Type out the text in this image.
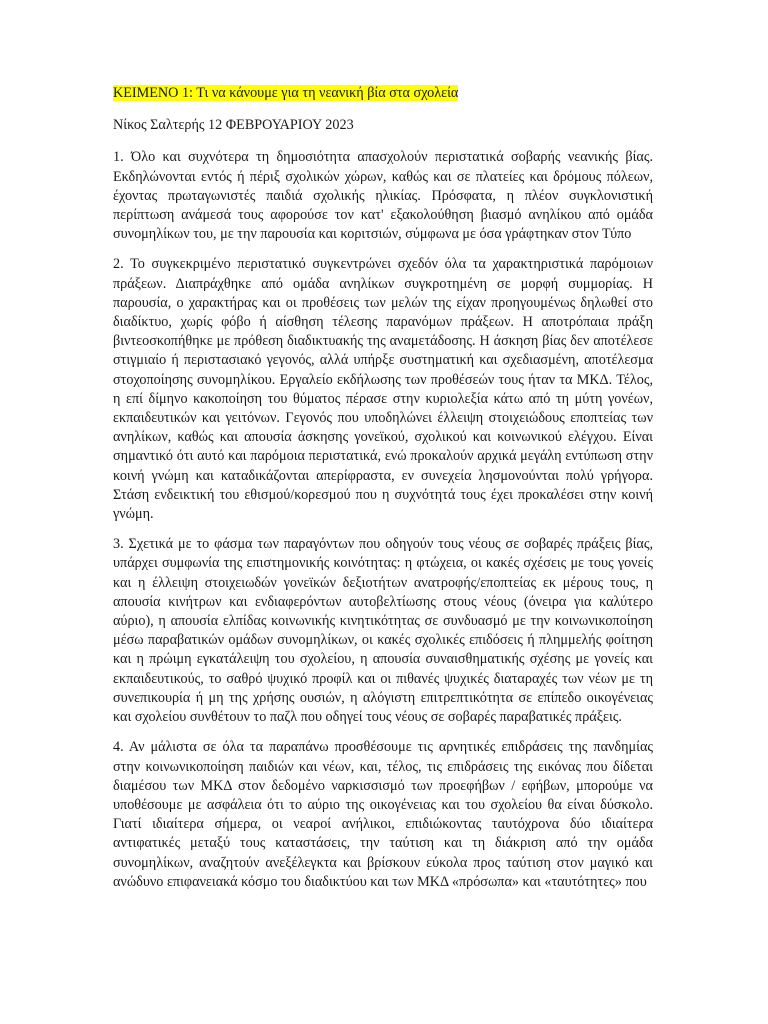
ΚΕΙΜΕΝΟ 1: Τι να κάνουμε για τη νεανική βία στα σχολεία

Νίκος Σαλτερής 12 ΦΕΒΡΟΥΑΡΙΟΥ 2023

1. Όλο και συχνότερα τη δημοσιότητα απασχολούν περιστατικά σοβαρής νεανικής βίας. Εκδηλώνονται εντός ή πέριξ σχολικών χώρων, καθώς και σε πλατείες και δρόμους πόλεων, έχοντας πρωταγωνιστές παιδιά σχολικής ηλικίας. Πρόσφατα, η πλέον συγκλονιστική περίπτωση ανάμεσά τους αφορούσε τον κατ' εξακολούθηση βιασμό ανηλίκου από ομάδα συνομηλίκων του, με την παρουσία και κοριτσιών, σύμφωνα με όσα γράφτηκαν στον Τύπο

2. Το συγκεκριμένο περιστατικό συγκεντρώνει σχεδόν όλα τα χαρακτηριστικά παρόμοιων πράξεων. Διαπράχθηκε από ομάδα ανηλίκων συγκροτημένη σε μορφή συμμορίας. Η παρουσία, ο χαρακτήρας και οι προθέσεις των μελών της είχαν προηγουμένως δηλωθεί στο διαδίκτυο, χωρίς φόβο ή αίσθηση τέλεσης παρανόμων πράξεων. Η αποτρόπαια πράξη βιντεοσκοπήθηκε με πρόθεση διαδικτυακής της αναμετάδοσης. Η άσκηση βίας δεν αποτέλεσε στιγμιαίο ή περιστασιακό γεγονός, αλλά υπήρξε συστηματική και σχεδιασμένη, αποτέλεσμα στοχοποίησης συνομηλίκου. Εργαλείο εκδήλωσης των προθέσεών τους ήταν τα ΜΚΔ. Τέλος, η επί δίμηνο κακοποίηση του θύματος πέρασε στην κυριολεξία κάτω από τη μύτη γονέων, εκπαιδευτικών και γειτόνων. Γεγονός που υποδηλώνει έλλειψη στοιχειώδους εποπτείας των ανηλίκων, καθώς και απουσία άσκησης γονεϊκού, σχολικού και κοινωνικού ελέγχου. Είναι σημαντικό ότι αυτό και παρόμοια περιστατικά, ενώ προκαλούν αρχικά μεγάλη εντύπωση στην κοινή γνώμη και καταδικάζονται απερίφραστα, εν συνεχεία λησμονούνται πολύ γρήγορα. Στάση ενδεικτική του εθισμού/κορεσμού που η συχνότητά τους έχει προκαλέσει στην κοινή γνώμη.

3. Σχετικά με το φάσμα των παραγόντων που οδηγούν τους νέους σε σοβαρές πράξεις βίας, υπάρχει συμφωνία της επιστημονικής κοινότητας: η φτώχεια, οι κακές σχέσεις με τους γονείς και η έλλειψη στοιχειωδών γονεϊκών δεξιοτήτων ανατροφής/εποπτείας εκ μέρους τους, η απουσία κινήτρων και ενδιαφερόντων αυτοβελτίωσης στους νέους (όνειρα για καλύτερο αύριο), η απουσία ελπίδας κοινωνικής κινητικότητας σε συνδυασμό με την κοινωνικοποίηση μέσω παραβατικών ομάδων συνομηλίκων, οι κακές σχολικές επιδόσεις ή πλημμελής φοίτηση και η πρώιμη εγκατάλειψη του σχολείου, η απουσία συναισθηματικής σχέσης με γονείς και εκπαιδευτικούς, το σαθρό ψυχικό προφίλ και οι πιθανές ψυχικές διαταραχές των νέων με τη συνεπικουρία ή μη της χρήσης ουσιών, η αλόγιστη επιτρεπτικότητα σε επίπεδο οικογένειας και σχολείου συνθέτουν το παζλ που οδηγεί τους νέους σε σοβαρές παραβατικές πράξεις.

4. Αν μάλιστα σε όλα τα παραπάνω προσθέσουμε τις αρνητικές επιδράσεις της πανδημίας στην κοινωνικοποίηση παιδιών και νέων, και, τέλος, τις επιδράσεις της εικόνας που δίδεται διαμέσου των ΜΚΔ στον δεδομένο ναρκισσισμό των προεφήβων / εφήβων, μπορούμε να υποθέσουμε με ασφάλεια ότι το αύριο της οικογένειας και του σχολείου θα είναι δύσκολο. Γιατί ιδιαίτερα σήμερα, οι νεαροί ανήλικοι, επιδιώκοντας ταυτόχρονα δύο ιδιαίτερα αντιφατικές μεταξύ τους καταστάσεις, την ταύτιση και τη διάκριση από την ομάδα συνομηλίκων, αναζητούν ανεξέλεγκτα και βρίσκουν εύκολα προς ταύτιση στον μαγικό και ανώδυνο επιφανειακά κόσμο του διαδικτύου και των ΜΚΔ «πρόσωπα» και «ταυτότητες» που
